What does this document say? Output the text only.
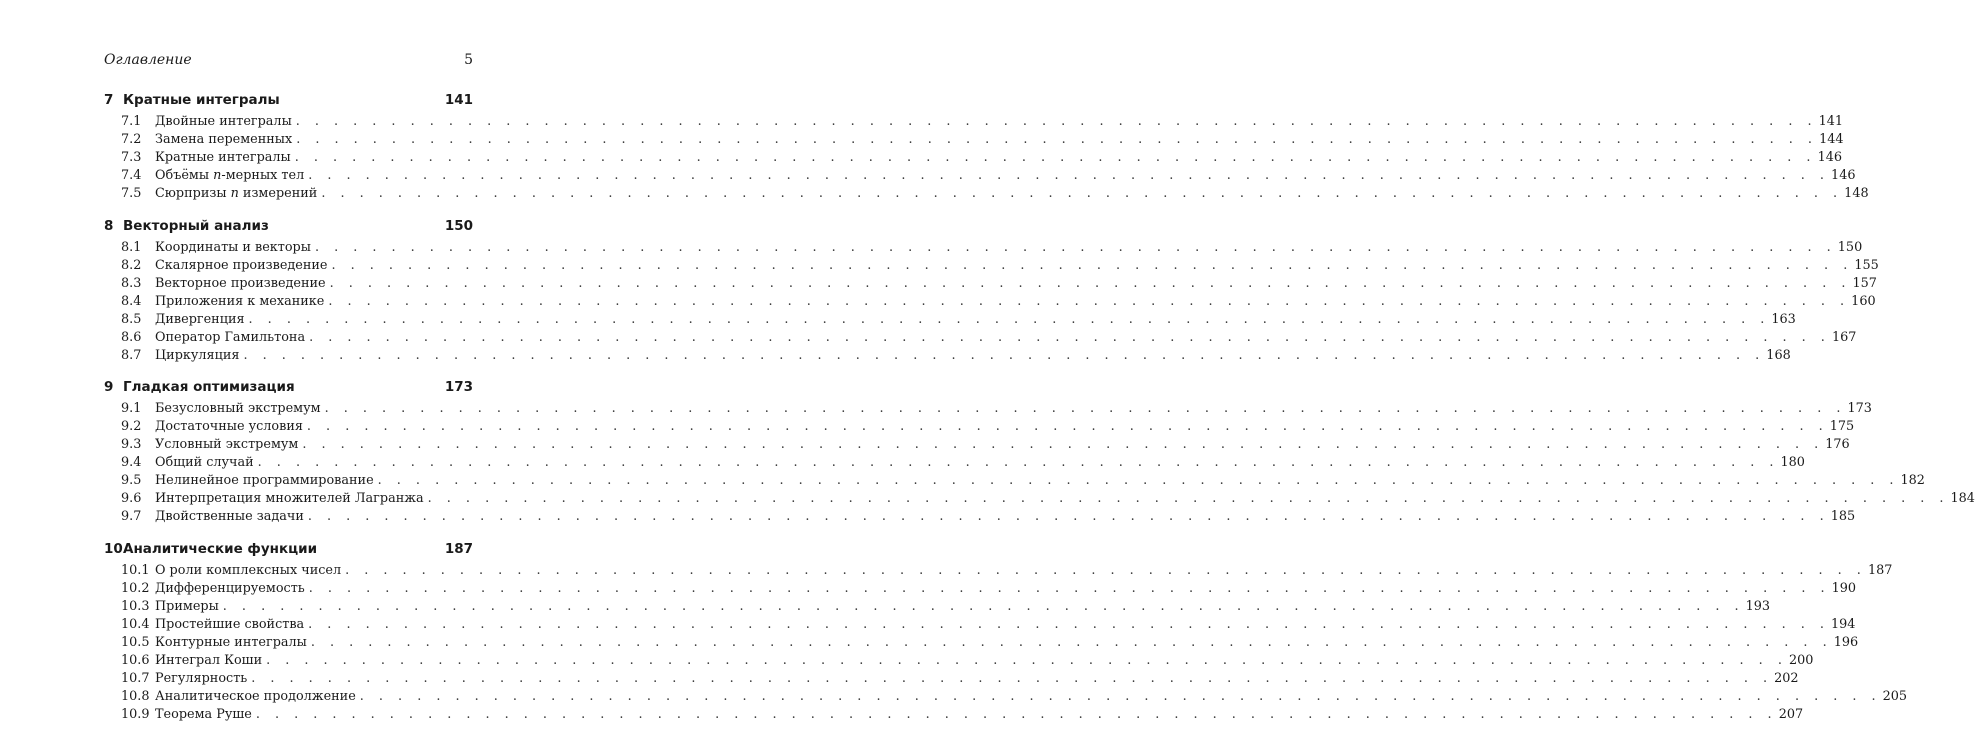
Оглавление	5
7 Кратные интегралы	141
7.1	Двойные интегралы . . . . . . . . . . . . . . . . . . . . . . . . . . . . . . . . . . . . . . . . . . . . . . . . . . . . . . . . . . . . . . . . . . . . . . . . . . . . . . . . 141
7.2	Замена переменных . . . . . . . . . . . . . . . . . . . . . . . . . . . . . . . . . . . . . . . . . . . . . . . . . . . . . . . . . . . . . . . . . . . . . . . . . . . . . . . . 144
7.3	Кратные интегралы . . . . . . . . . . . . . . . . . . . . . . . . . . . . . . . . . . . . . . . . . . . . . . . . . . . . . . . . . . . . . . . . . . . . . . . . . . . . . . . . 146
7.4	Объёмы n-мерных тел . . . . . . . . . . . . . . . . . . . . . . . . . . . . . . . . . . . . . . . . . . . . . . . . . . . . . . . . . . . . . . . . . . . . . . . . . . . . . . . . 146
7.5	Сюрпризы n измерений . . . . . . . . . . . . . . . . . . . . . . . . . . . . . . . . . . . . . . . . . . . . . . . . . . . . . . . . . . . . . . . . . . . . . . . . . . . . . . . . 148
8 Векторный анализ	150
8.1	Координаты и векторы . . . . . . . . . . . . . . . . . . . . . . . . . . . . . . . . . . . . . . . . . . . . . . . . . . . . . . . . . . . . . . . . . . . . . . . . . . . . . . . . 150
8.2	Скалярное произведение . . . . . . . . . . . . . . . . . . . . . . . . . . . . . . . . . . . . . . . . . . . . . . . . . . . . . . . . . . . . . . . . . . . . . . . . . . . . . . . . 155
8.3	Векторное произведение . . . . . . . . . . . . . . . . . . . . . . . . . . . . . . . . . . . . . . . . . . . . . . . . . . . . . . . . . . . . . . . . . . . . . . . . . . . . . . . . 157
8.4	Приложения к механике . . . . . . . . . . . . . . . . . . . . . . . . . . . . . . . . . . . . . . . . . . . . . . . . . . . . . . . . . . . . . . . . . . . . . . . . . . . . . . . . 160
8.5	Дивергенция . . . . . . . . . . . . . . . . . . . . . . . . . . . . . . . . . . . . . . . . . . . . . . . . . . . . . . . . . . . . . . . . . . . . . . . . . . . . . . . . 163
8.6	Оператор Гамильтона . . . . . . . . . . . . . . . . . . . . . . . . . . . . . . . . . . . . . . . . . . . . . . . . . . . . . . . . . . . . . . . . . . . . . . . . . . . . . . . . 167
8.7	Циркуляция . . . . . . . . . . . . . . . . . . . . . . . . . . . . . . . . . . . . . . . . . . . . . . . . . . . . . . . . . . . . . . . . . . . . . . . . . . . . . . . . 168
9 Гладкая оптимизация	173
9.1	Безусловный экстремум . . . . . . . . . . . . . . . . . . . . . . . . . . . . . . . . . . . . . . . . . . . . . . . . . . . . . . . . . . . . . . . . . . . . . . . . . . . . . . . . 173
9.2	Достаточные условия . . . . . . . . . . . . . . . . . . . . . . . . . . . . . . . . . . . . . . . . . . . . . . . . . . . . . . . . . . . . . . . . . . . . . . . . . . . . . . . . 175
9.3	Условный экстремум . . . . . . . . . . . . . . . . . . . . . . . . . . . . . . . . . . . . . . . . . . . . . . . . . . . . . . . . . . . . . . . . . . . . . . . . . . . . . . . . 176
9.4	Общий случай . . . . . . . . . . . . . . . . . . . . . . . . . . . . . . . . . . . . . . . . . . . . . . . . . . . . . . . . . . . . . . . . . . . . . . . . . . . . . . . . 180
9.5	Нелинейное программирование . . . . . . . . . . . . . . . . . . . . . . . . . . . . . . . . . . . . . . . . . . . . . . . . . . . . . . . . . . . . . . . . . . . . . . . . . . . . . . . . 182
9.6	Интерпретация множителей Лагранжа . . . . . . . . . . . . . . . . . . . . . . . . . . . . . . . . . . . . . . . . . . . . . . . . . . . . . . . . . . . . . . . . . . . . . . . . . . . . . . . . 184
9.7	Двойственные задачи . . . . . . . . . . . . . . . . . . . . . . . . . . . . . . . . . . . . . . . . . . . . . . . . . . . . . . . . . . . . . . . . . . . . . . . . . . . . . . . . 185
10 Аналитические функции	187
10.1 О роли комплексных чисел . . . . . . . . . . . . . . . . . . . . . . . . . . . . . . . . . . . . . . . . . . . . . . . . . . . . . . . . . . . . . . . . . . . . . . . . . . . . . . . . 187
10.2 Дифференцируемость . . . . . . . . . . . . . . . . . . . . . . . . . . . . . . . . . . . . . . . . . . . . . . . . . . . . . . . . . . . . . . . . . . . . . . . . . . . . . . . . 190
10.3 Примеры . . . . . . . . . . . . . . . . . . . . . . . . . . . . . . . . . . . . . . . . . . . . . . . . . . . . . . . . . . . . . . . . . . . . . . . . . . . . . . . . 193
10.4 Простейшие свойства . . . . . . . . . . . . . . . . . . . . . . . . . . . . . . . . . . . . . . . . . . . . . . . . . . . . . . . . . . . . . . . . . . . . . . . . . . . . . . . . 194
10.5 Контурные интегралы . . . . . . . . . . . . . . . . . . . . . . . . . . . . . . . . . . . . . . . . . . . . . . . . . . . . . . . . . . . . . . . . . . . . . . . . . . . . . . . . 196
10.6 Интеграл Коши . . . . . . . . . . . . . . . . . . . . . . . . . . . . . . . . . . . . . . . . . . . . . . . . . . . . . . . . . . . . . . . . . . . . . . . . . . . . . . . . 200
10.7 Регулярность . . . . . . . . . . . . . . . . . . . . . . . . . . . . . . . . . . . . . . . . . . . . . . . . . . . . . . . . . . . . . . . . . . . . . . . . . . . . . . . . 202
10.8 Аналитическое продолжение . . . . . . . . . . . . . . . . . . . . . . . . . . . . . . . . . . . . . . . . . . . . . . . . . . . . . . . . . . . . . . . . . . . . . . . . . . . . . . . . 205
10.9 Теорема Руше . . . . . . . . . . . . . . . . . . . . . . . . . . . . . . . . . . . . . . . . . . . . . . . . . . . . . . . . . . . . . . . . . . . . . . . . . . . . . . . . 207
